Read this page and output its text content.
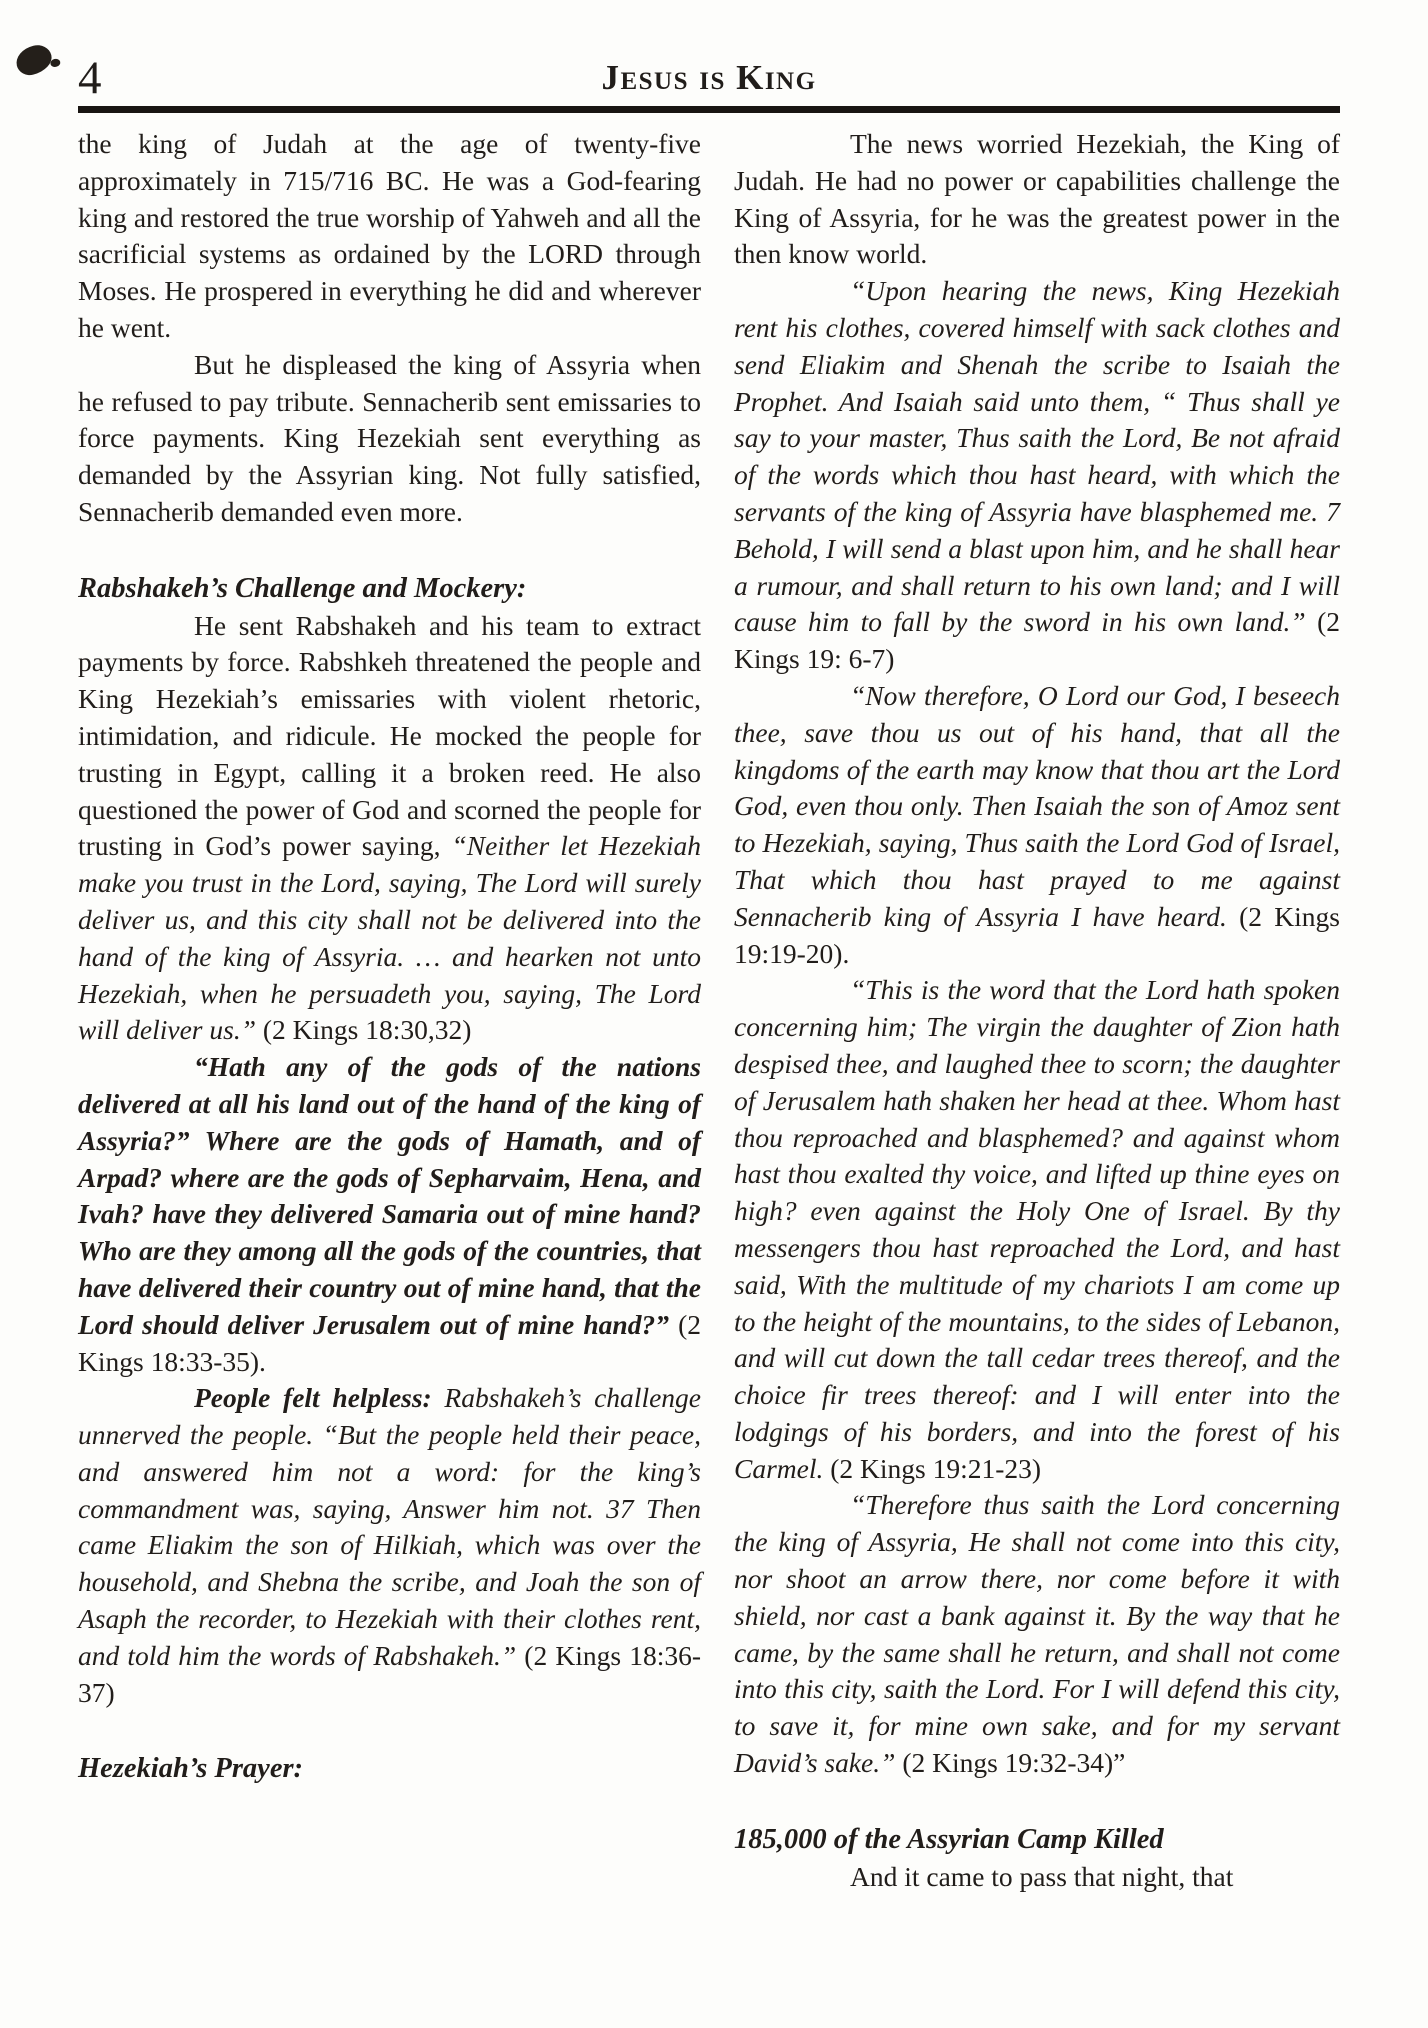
4	Jesus is King

the king of Judah at the age of twenty-five approximately in 715/716 BC. He was a God-fearing king and restored the true worship of Yahweh and all the sacrificial systems as ordained by the LORD through Moses. He prospered in everything he did and wherever he went.

But he displeased the king of Assyria when he refused to pay tribute. Sennacherib sent emissaries to force payments. King Hezekiah sent everything as demanded by the Assyrian king. Not fully satisfied, Sennacherib demanded even more.

Rabshakeh’s Challenge and Mockery:

He sent Rabshakeh and his team to extract payments by force. Rabshkeh threatened the people and King Hezekiah’s emissaries with violent rhetoric, intimidation, and ridicule. He mocked the people for trusting in Egypt, calling it a broken reed. He also questioned the power of God and scorned the people for trusting in God’s power saying, “Neither let Hezekiah make you trust in the Lord, saying, The Lord will surely deliver us, and this city shall not be delivered into the hand of the king of Assyria. … and hearken not unto Hezekiah, when he persuadeth you, saying, The Lord will deliver us.” (2 Kings 18:30,32)

“Hath any of the gods of the nations delivered at all his land out of the hand of the king of Assyria?” Where are the gods of Hamath, and of Arpad? where are the gods of Sepharvaim, Hena, and Ivah? have they delivered Samaria out of mine hand? Who are they among all the gods of the countries, that have delivered their country out of mine hand, that the Lord should deliver Jerusalem out of mine hand?” (2 Kings 18:33-35).

People felt helpless: Rabshakeh’s challenge unnerved the people. “But the people held their peace, and answered him not a word: for the king’s commandment was, saying, Answer him not. 37 Then came Eliakim the son of Hilkiah, which was over the household, and Shebna the scribe, and Joah the son of Asaph the recorder, to Hezekiah with their clothes rent, and told him the words of Rabshakeh.” (2 Kings 18:36-37)

Hezekiah’s Prayer:

The news worried Hezekiah, the King of Judah. He had no power or capabilities challenge the King of Assyria, for he was the greatest power in the then know world.

“Upon hearing the news, King Hezekiah rent his clothes, covered himself with sack clothes and send Eliakim and Shenah the scribe to Isaiah the Prophet. And Isaiah said unto them, “ Thus shall ye say to your master, Thus saith the Lord, Be not afraid of the words which thou hast heard, with which the servants of the king of Assyria have blasphemed me. 7 Behold, I will send a blast upon him, and he shall hear a rumour, and shall return to his own land; and I will cause him to fall by the sword in his own land.” (2 Kings 19: 6-7)

“Now therefore, O Lord our God, I beseech thee, save thou us out of his hand, that all the kingdoms of the earth may know that thou art the Lord God, even thou only. Then Isaiah the son of Amoz sent to Hezekiah, saying, Thus saith the Lord God of Israel, That which thou hast prayed to me against Sennacherib king of Assyria I have heard. (2 Kings 19:19-20).

“This is the word that the Lord hath spoken concerning him; The virgin the daughter of Zion hath despised thee, and laughed thee to scorn; the daughter of Jerusalem hath shaken her head at thee. Whom hast thou reproached and blasphemed? and against whom hast thou exalted thy voice, and lifted up thine eyes on high? even against the Holy One of Israel. By thy messengers thou hast reproached the Lord, and hast said, With the multitude of my chariots I am come up to the height of the mountains, to the sides of Lebanon, and will cut down the tall cedar trees thereof, and the choice fir trees thereof: and I will enter into the lodgings of his borders, and into the forest of his Carmel. (2 Kings 19:21-23)

“Therefore thus saith the Lord concerning the king of Assyria, He shall not come into this city, nor shoot an arrow there, nor come before it with shield, nor cast a bank against it. By the way that he came, by the same shall he return, and shall not come into this city, saith the Lord. For I will defend this city, to save it, for mine own sake, and for my servant David’s sake.” (2 Kings 19:32-34)”

185,000 of the Assyrian Camp Killed

And it came to pass that night, that
